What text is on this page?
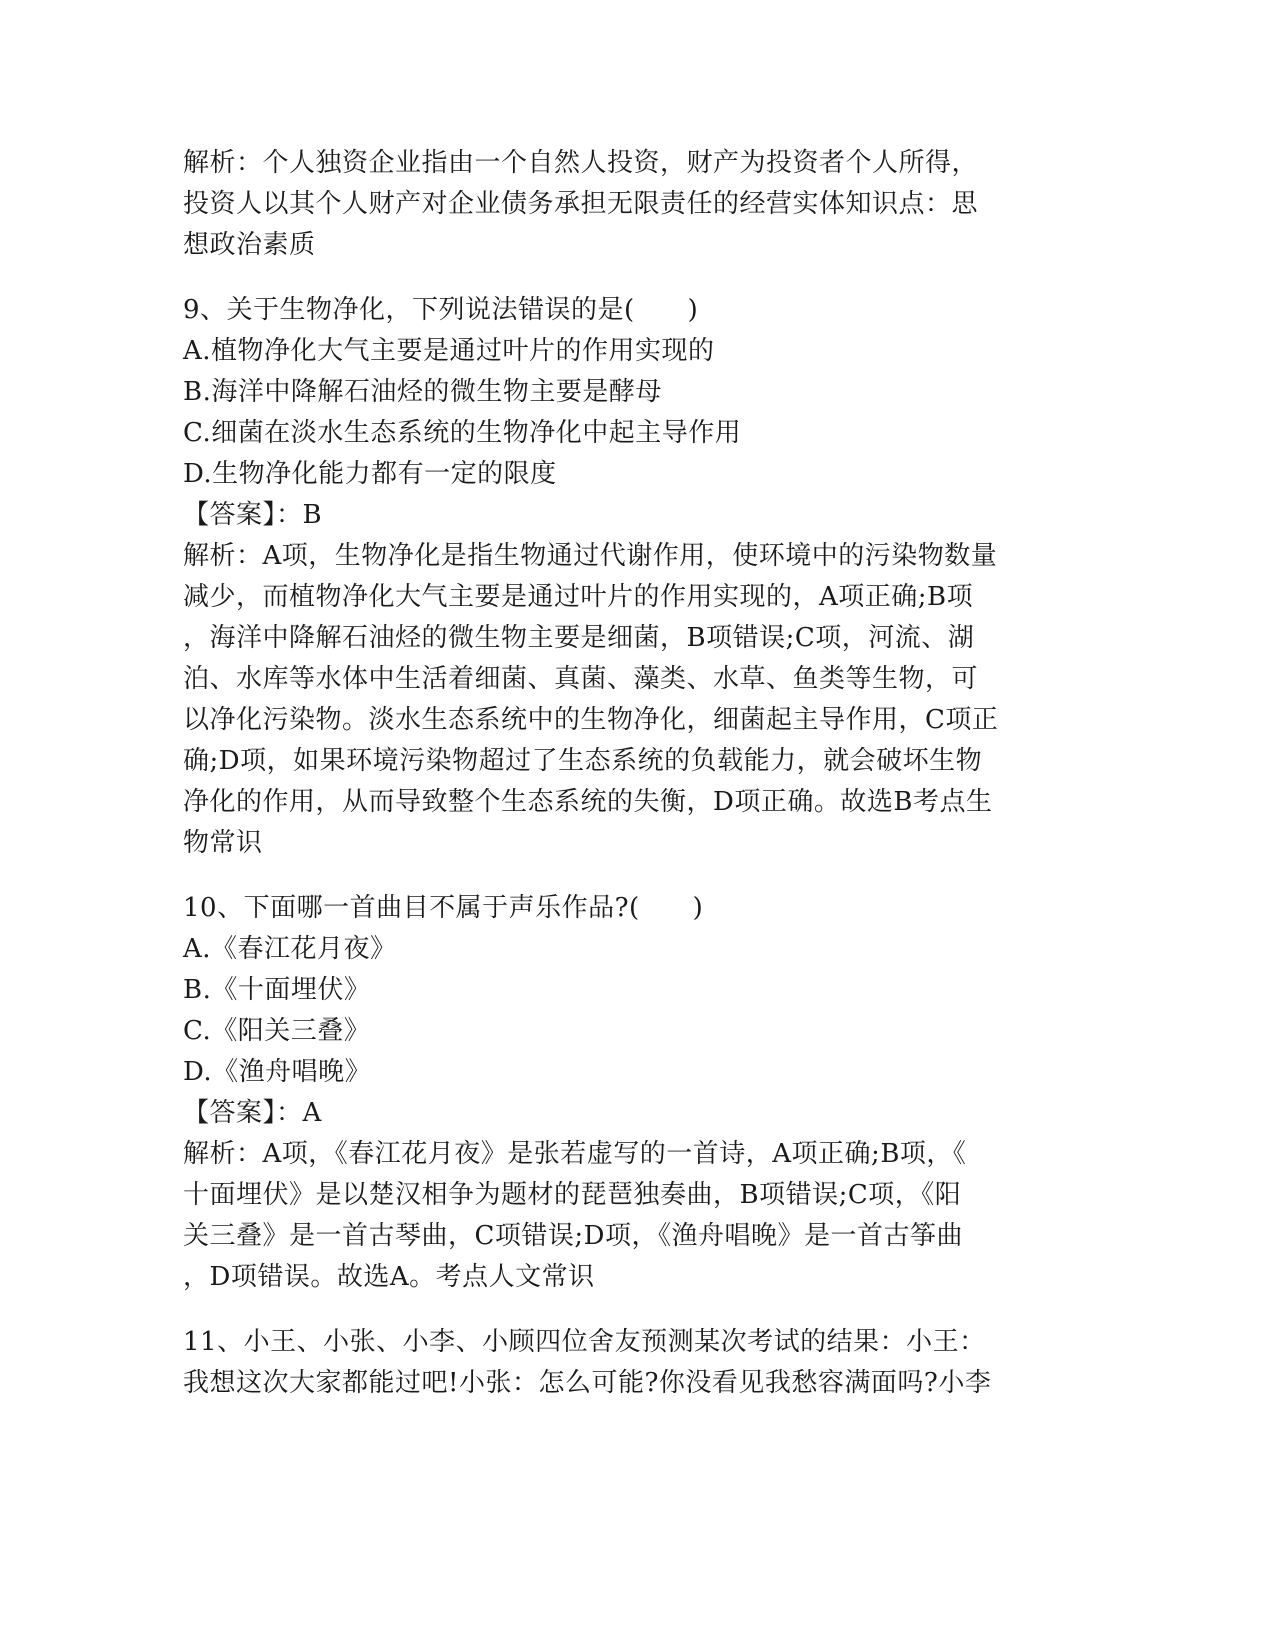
解析：个人独资企业指由一个自然人投资，财产为投资者个人所得，
投资人以其个人财产对企业债务承担无限责任的经营实体知识点：思
想政治素质
9、关于生物净化，下列说法错误的是(　　)
A.植物净化大气主要是通过叶片的作用实现的
B.海洋中降解石油烃的微生物主要是酵母
C.细菌在淡水生态系统的生物净化中起主导作用
D.生物净化能力都有一定的限度
【答案】：B
解析：A项，生物净化是指生物通过代谢作用，使环境中的污染物数量
减少，而植物净化大气主要是通过叶片的作用实现的，A项正确;B项
，海洋中降解石油烃的微生物主要是细菌，B项错误;C项，河流、湖
泊、水库等水体中生活着细菌、真菌、藻类、水草、鱼类等生物，可
以净化污染物。淡水生态系统中的生物净化，细菌起主导作用，C项正
确;D项，如果环境污染物超过了生态系统的负载能力，就会破坏生物
净化的作用，从而导致整个生态系统的失衡，D项正确。故选B考点生
物常识
10、下面哪一首曲目不属于声乐作品?(　　)
A.《春江花月夜》
B.《十面埋伏》
C.《阳关三叠》
D.《渔舟唱晚》
【答案】：A
解析：A项，《春江花月夜》是张若虚写的一首诗，A项正确;B项，《
十面埋伏》是以楚汉相争为题材的琵琶独奏曲，B项错误;C项，《阳
关三叠》是一首古琴曲，C项错误;D项，《渔舟唱晚》是一首古筝曲
，D项错误。故选A。考点人文常识
11、小王、小张、小李、小顾四位舍友预测某次考试的结果：小王：
我想这次大家都能过吧!小张：怎么可能?你没看见我愁容满面吗?小李
